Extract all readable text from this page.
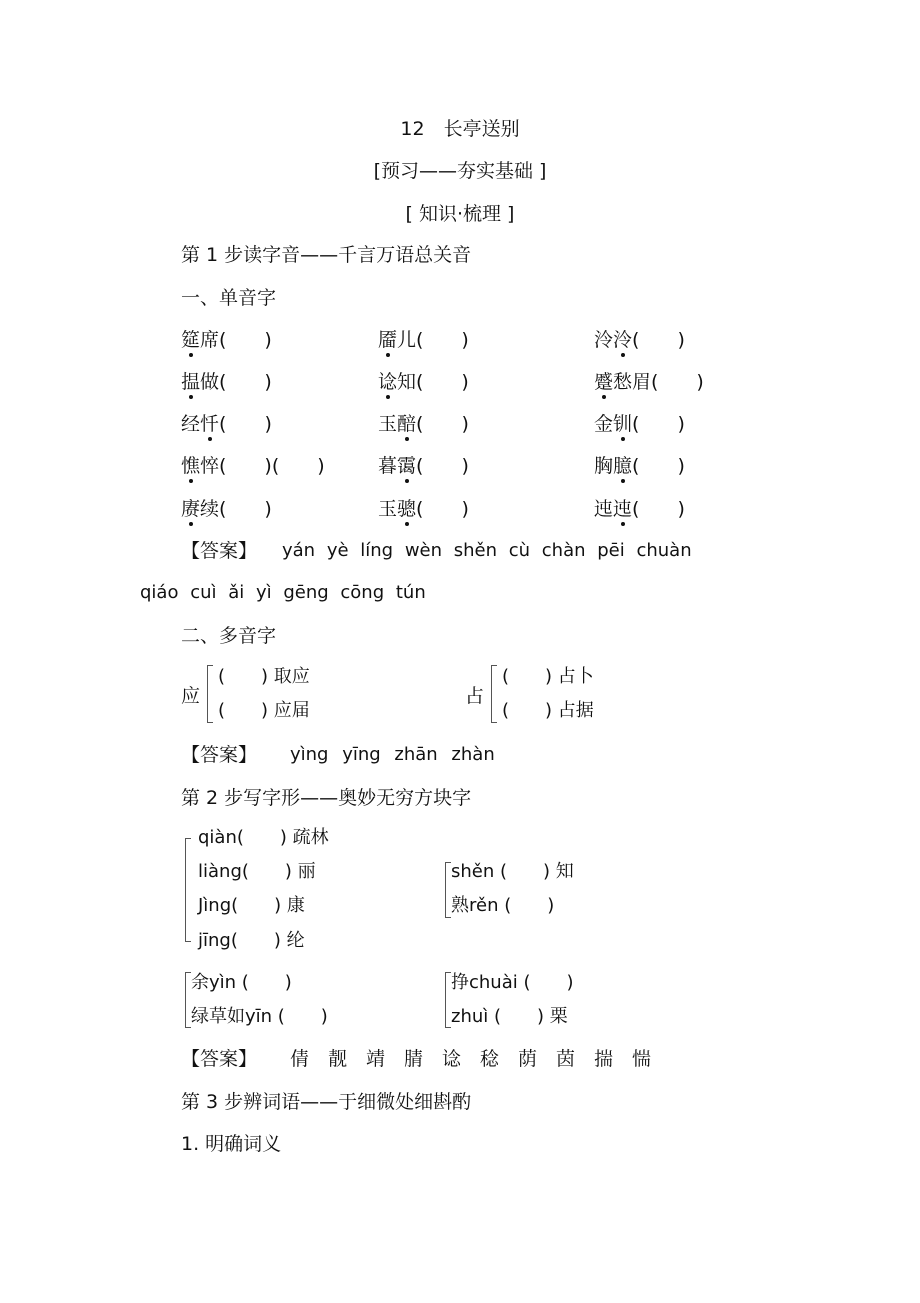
12　长亭送别
[预习——夯实基础 ]
[ 知识·梳理 ]
第 1 步读字音——千言万语总关音
一、单音字
筵席(　　)	靥儿(　　)	泠泠(　　)
揾做(　　)	谂知(　　)	蹙愁眉(　　)
经忏(　　)	玉醅(　　)	金钏(　　)
憔悴(　　)(　　)	暮霭(　　)	胸臆(　　)
赓续(　　)	玉骢(　　)	迍迍(　　)
【答案】 yán yè líng wèn shěn cù chàn pēi chuàn
qiáo cuì ǎi yì gēng cōng tún
二、多音字
应
(　　) 取应
(　　) 应届
占
(　　) 占卜
(　　) 占据
【答案】 yìng yīng zhān zhàn
第 2 步写字形——奥妙无穷方块字
qiàn(　　) 疏林
liàng(　　) 丽
Jìng(　　) 康
jīng(　　) 纶
shěn (　　) 知
熟rěn (　　)
余yìn (　　)
绿草如yīn (　　)
挣chuài (　　)
zhuì (　　) 栗
【答案】 倩　靓　靖　腈　谂　稔　荫　茵　揣　惴
第 3 步辨词语——于细微处细斟酌
1. 明确词义
